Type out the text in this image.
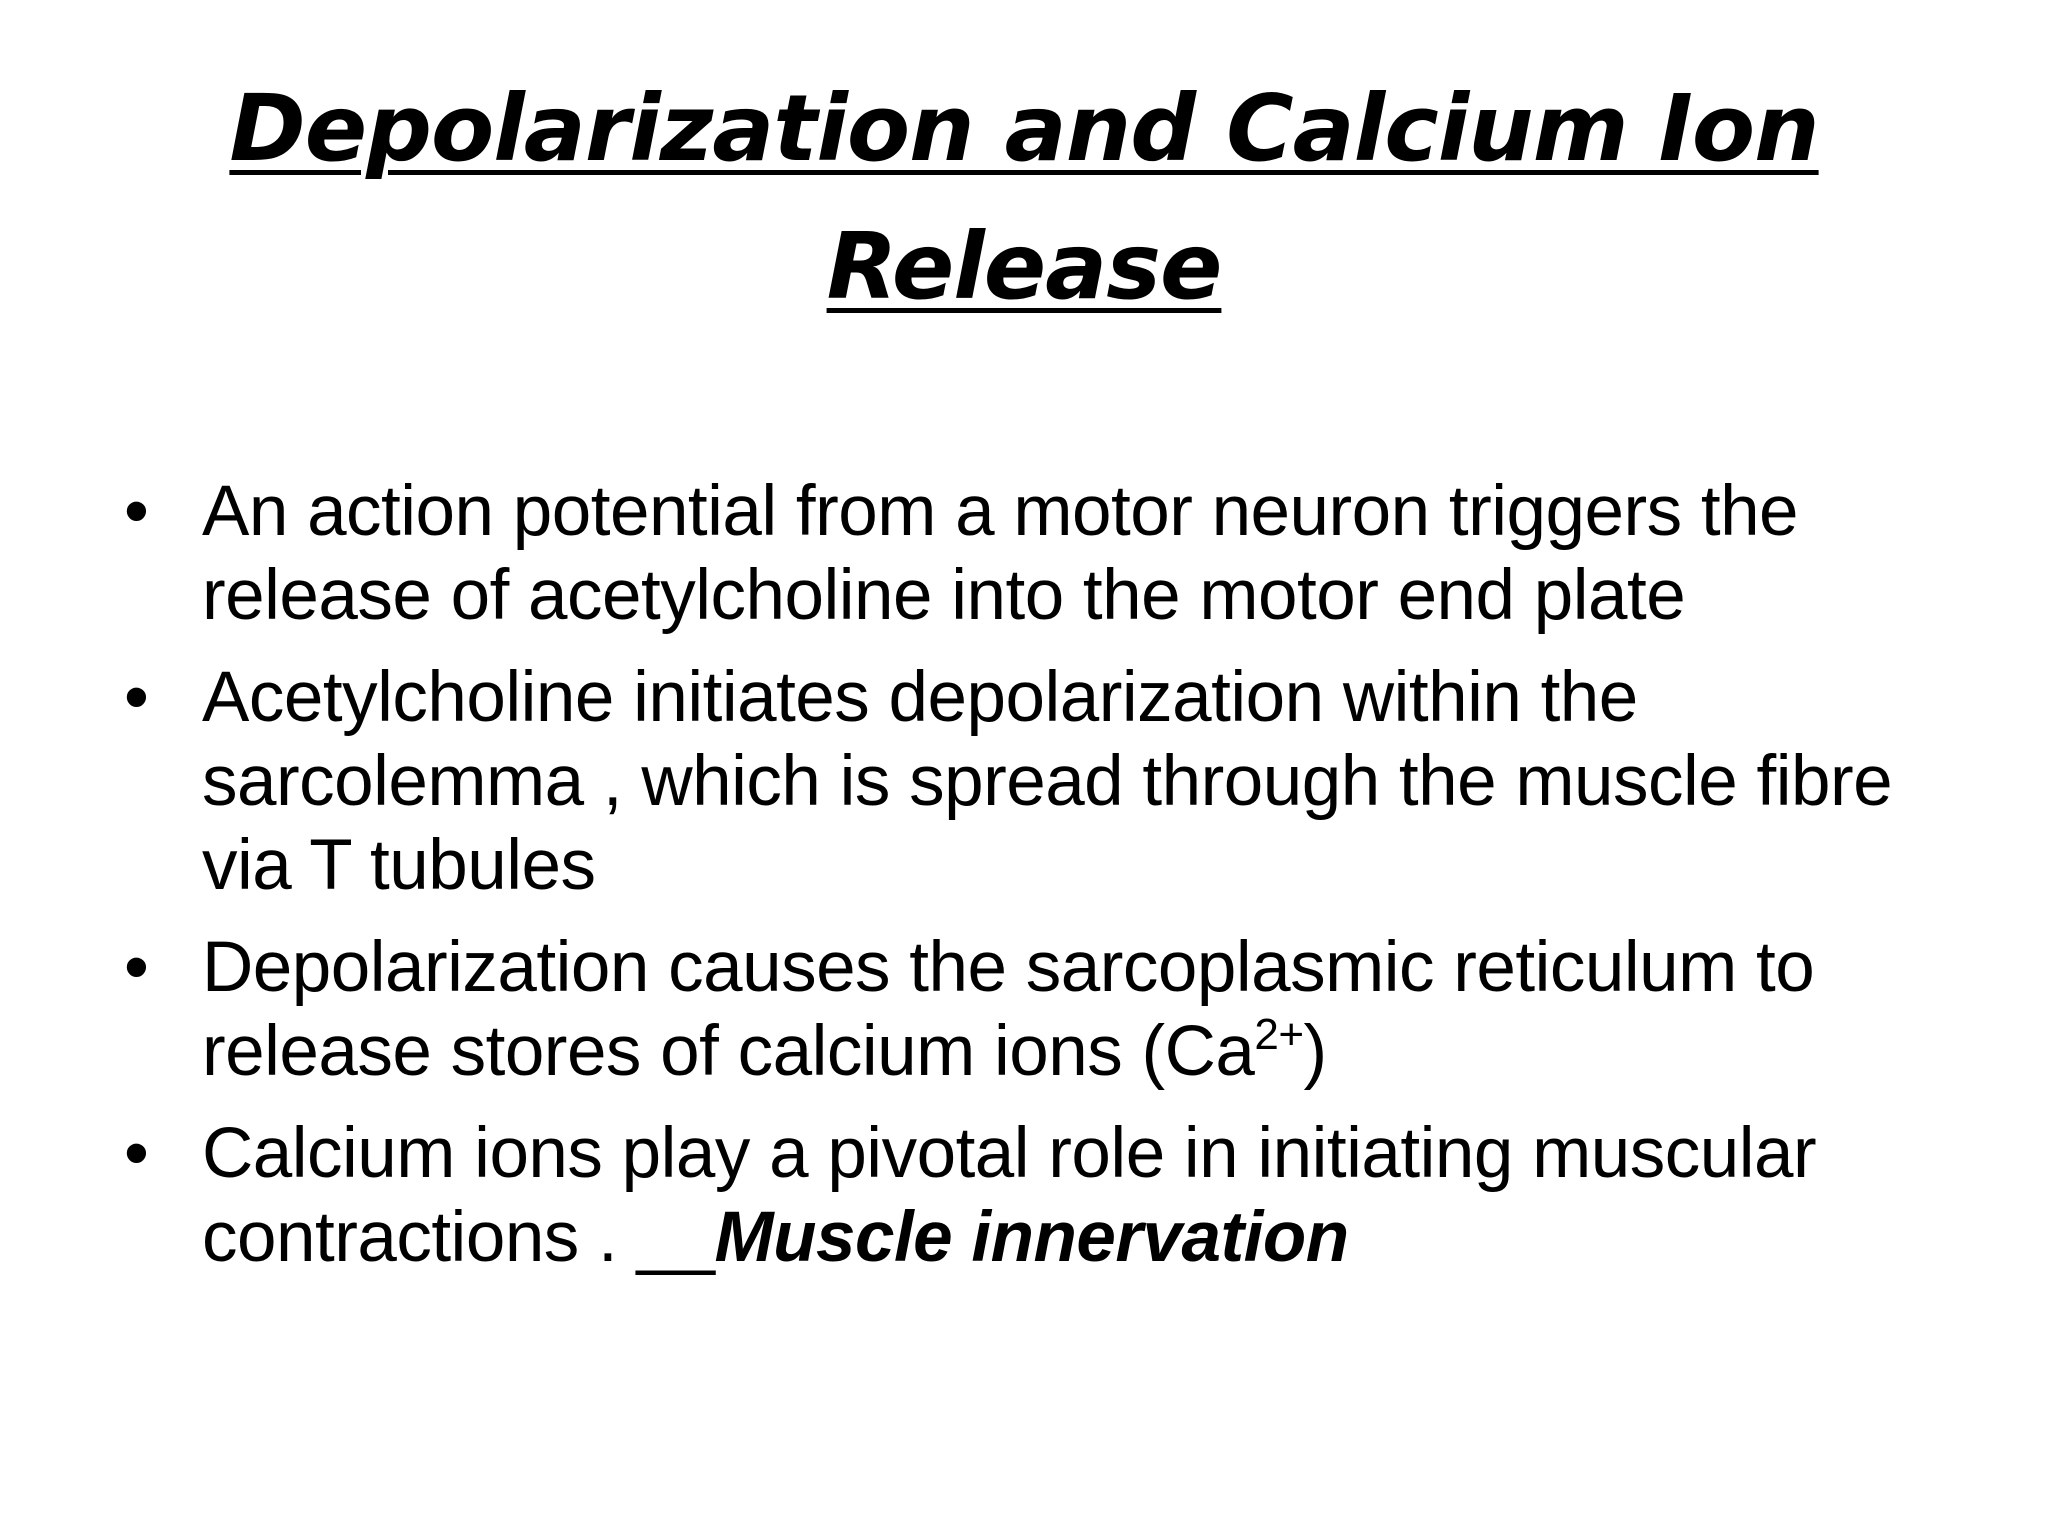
Depolarization and Calcium Ion Release
• An action potential from a motor neuron triggers the release of acetylcholine into the motor end plate
• Acetylcholine initiates depolarization within the sarcolemma , which is spread through the muscle fibre via T tubules
• Depolarization causes the sarcoplasmic reticulum to release stores of calcium ions $(Ca^{2+})$
• Calcium ions play a pivotal role in initiating muscular contractions . __Muscle innervation
